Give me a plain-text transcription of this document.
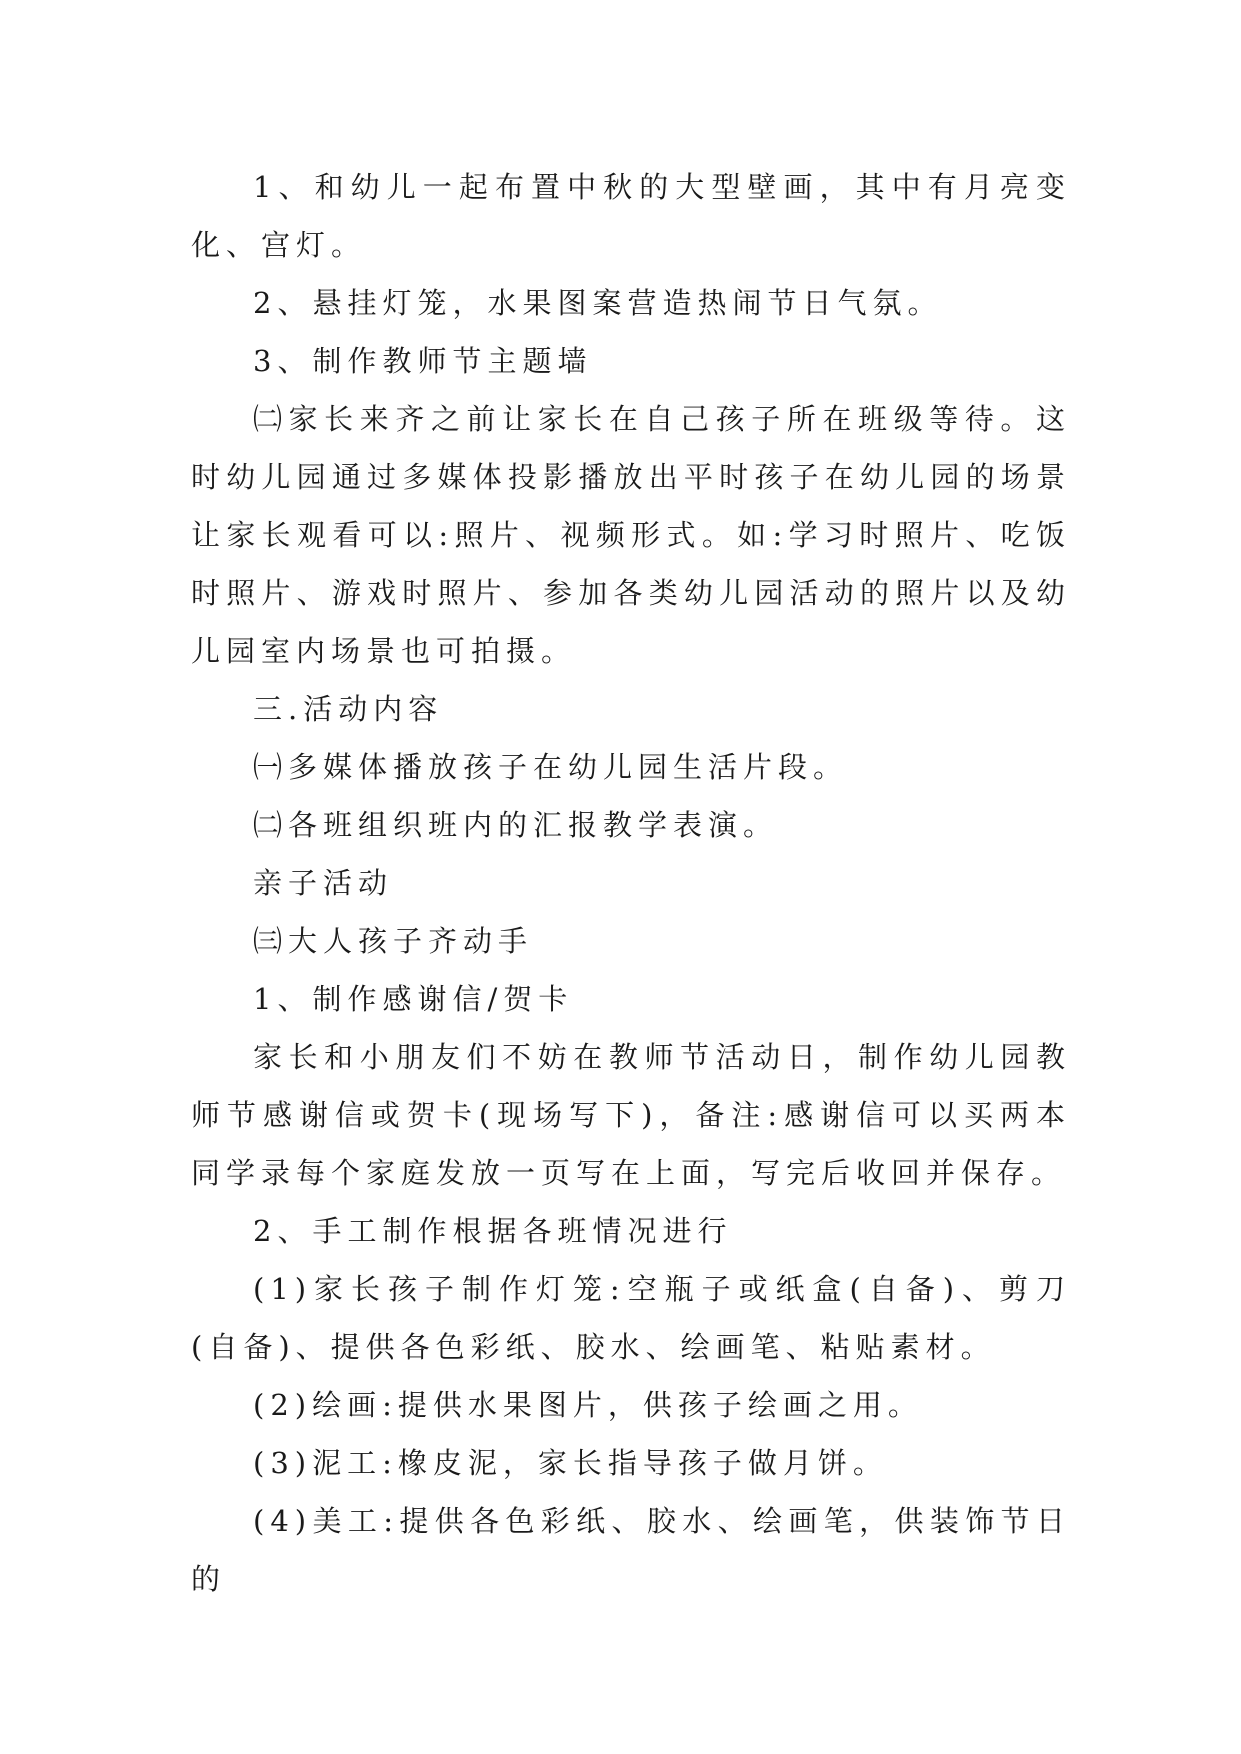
1、和幼儿一起布置中秋的大型壁画，其中有月亮变化、宫灯。

2、悬挂灯笼，水果图案营造热闹节日气氛。

3、制作教师节主题墙

㈡家长来齐之前让家长在自己孩子所在班级等待。这时幼儿园通过多媒体投影播放出平时孩子在幼儿园的场景让家长观看可以:照片、视频形式。如:学习时照片、吃饭时照片、游戏时照片、参加各类幼儿园活动的照片以及幼儿园室内场景也可拍摄。

三.活动内容

㈠多媒体播放孩子在幼儿园生活片段。

㈡各班组织班内的汇报教学表演。

亲子活动

㈢大人孩子齐动手

1、制作感谢信/贺卡

家长和小朋友们不妨在教师节活动日，制作幼儿园教师节感谢信或贺卡(现场写下)，备注:感谢信可以买两本同学录每个家庭发放一页写在上面，写完后收回并保存。

2、手工制作根据各班情况进行

(1)家长孩子制作灯笼:空瓶子或纸盒(自备)、剪刀(自备)、提供各色彩纸、胶水、绘画笔、粘贴素材。

(2)绘画:提供水果图片，供孩子绘画之用。

(3)泥工:橡皮泥，家长指导孩子做月饼。

(4)美工:提供各色彩纸、胶水、绘画笔，供装饰节日的
